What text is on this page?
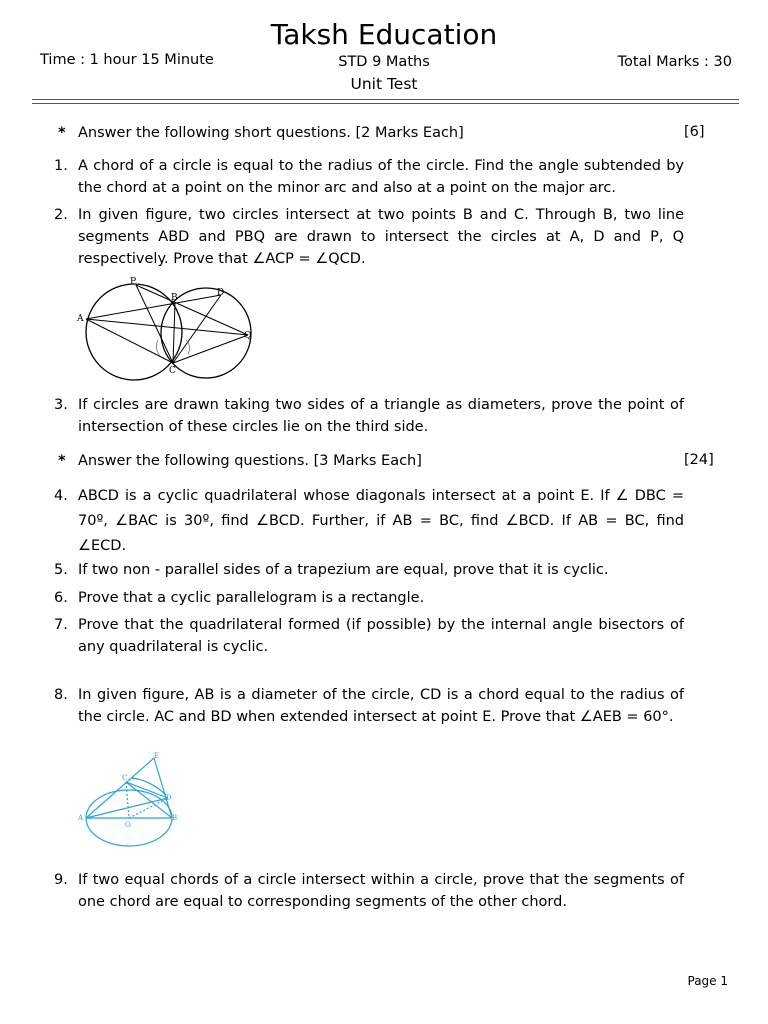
Taksh Education
Time : 1 hour 15 Minute	STD 9 Maths	Total Marks : 30
Unit Test
* Answer the following short questions. [2 Marks Each]	[6]
1. A chord of a circle is equal to the radius of the circle. Find the angle subtended by the chord at a point on the minor arc and also at a point on the major arc.
2. In given figure, two circles intersect at two points B and C. Through B, two line segments ABD and PBQ are drawn to intersect the circles at A, D and P, Q respectively. Prove that ∠ACP = ∠QCD.
P
B	D
A
Q
C
3. If circles are drawn taking two sides of a triangle as diameters, prove the point of intersection of these circles lie on the third side.
* Answer the following questions. [3 Marks Each]	[24]
4. ABCD is a cyclic quadrilateral whose diagonals intersect at a point E. If ∠ DBC = 70º, ∠BAC is 30º, find ∠BCD. Further, if AB = BC, find ∠BCD. If AB = BC, find ∠ECD.
5. If two non - parallel sides of a trapezium are equal, prove that it is cyclic.
6. Prove that a cyclic parallelogram is a rectangle.
7. Prove that the quadrilateral formed (if possible) by the internal angle bisectors of any quadrilateral is cyclic.
8. In given figure, AB is a diameter of the circle, CD is a chord equal to the radius of the circle. AC and BD when extended intersect at point E. Prove that ∠AEB = 60°.
E
C
D
A
O
B
9. If two equal chords of a circle intersect within a circle, prove that the segments of one chord are equal to corresponding segments of the other chord.
Page 1
